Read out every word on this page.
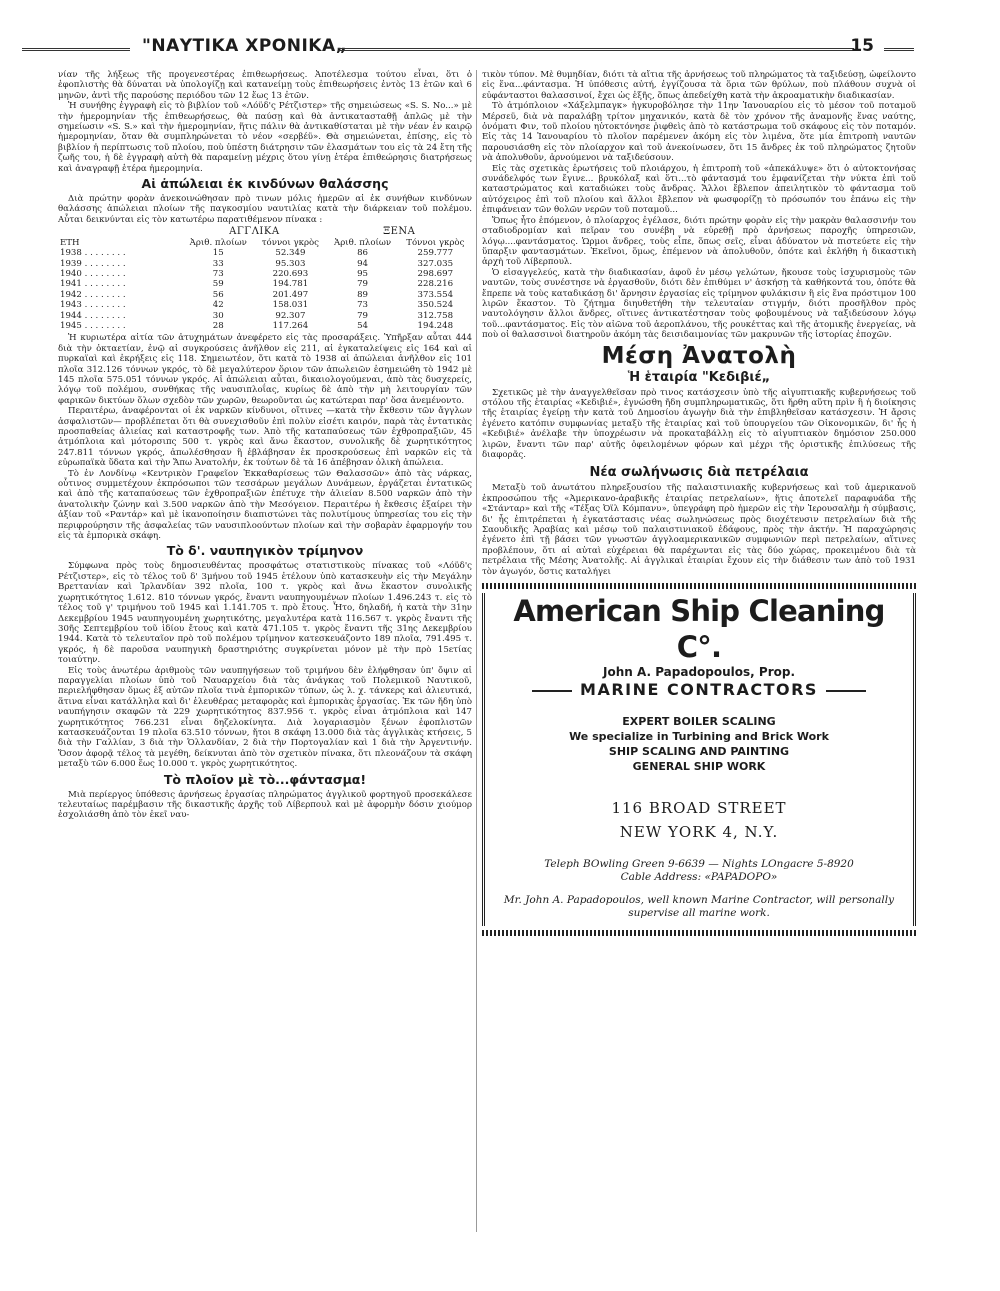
"ΝΑΥΤΙΚΑ ΧΡΟΝΙΚΑ„	15

νίαν τῆς λήξεως τῆς προγενεστέρας ἐπιθεωρήσεως. Ἀποτέλεσμα τούτου εἶναι, ὅτι ὁ ἐφοπλιστὴς θὰ δύναται νὰ ὑπολογίζῃ καὶ κατανείμῃ τοὺς ἐπιθεωρήσεις ἐντὸς 13 ἐτῶν καὶ 6 μηνῶν, ἀντὶ τῆς παρούσης περιόδου τῶν 12 ἕως 13 ἐτῶν.

Ἡ συνήθης ἐγγραφὴ εἰς τὸ βιβλίον τοῦ «Λόϋδ'ς Ρέτζιστερ» τῆς σημειώσεως «S. S. No...» μὲ τὴν ἡμερομηνίαν τῆς ἐπιθεωρήσεως, θὰ παύσῃ καὶ θὰ ἀντικατασταθῇ ἁπλῶς μὲ τὴν σημείωσιν «S. S.» καὶ τὴν ἡμερομηνίαν, ἥτις πάλιν θὰ ἀντικαθίσταται μὲ τὴν νέαν ἐν καιρῷ ἡμερομηνίαν, ὅταν θὰ συμπληρώνεται τὸ νέον «σερβέϋ». Θὰ σημειώνεται, ἐπίσης, εἰς τὸ βιβλίον ἡ περίπτωσις τοῦ πλοίου, ποὺ ὑπέστη διάτρησιν τῶν ἐλασμάτων του εἰς τὰ 24 ἔτη τῆς ζωῆς του, ἡ δὲ ἐγγραφὴ αὐτὴ θὰ παραμείνῃ μέχρις ὅτου γίνῃ ἑτέρα ἐπιθεώρησις διατρήσεως καὶ ἀναγραφῇ ἑτέρα ἡμερομηνία.

Αἱ ἀπώλειαι ἐκ κινδύνων θαλάσσης

Διὰ πρώτην φορὰν ἀνεκοινώθησαν πρὸ τινων μόλις ἡμερῶν αἱ ἐκ συνήθων κινδύνων θαλάσσης ἀπώλειαι πλοίων τῆς παγκοσμίου ναυτιλίας κατὰ τὴν διάρκειαν τοῦ πολέμου. Αὗται δεικνύνται εἰς τὸν κατωτέρω παρατιθέμενον πίνακα :

	ΑΓΓΛΙΚΑ		ΞΕΝΑ	
ΕΤΗ	Ἀριθ. πλοίων	τόννοι γκρὸς	Ἀριθ. πλοίων	Τόννοι γκρὸς
1938 . . . . . . . .	15	52.349	86	259.777
1939 . . . . . . . .	33	95.303	94	327.035
1940 . . . . . . . .	73	220.693	95	298.697
1941 . . . . . . . .	59	194.781	79	228.216
1942 . . . . . . . .	56	201.497	89	373.554
1943 . . . . . . . .	42	158.031	73	350.524
1944 . . . . . . . .	30	92.307	79	312.758
1945 . . . . . . . .	28	117.264	54	194.248

Ἡ κυριωτέρα αἰτία τῶν ἀτυχημάτων ἀνεφέρετο εἰς τὰς προσαράξεις. Ὑπῆρξαν αὗται 444 διὰ τὴν ὀκταετίαν, ἐνῷ αἱ συγκρούσεις ἀνῆλθον εἰς 211, αἱ ἐγκαταλείψεις εἰς 164 καὶ αἱ πυρκαϊαὶ καὶ ἐκρήξεις εἰς 118. Σημειωτέον, ὅτι κατὰ τὸ 1938 αἱ ἀπώλειαι ἀνῆλθον εἰς 101 πλοῖα 312.126 τόννων γκρός, τὸ δὲ μεγαλύτερον ὅριον τῶν ἀπωλειῶν ἐσημειώθη τὸ 1942 μὲ 145 πλοῖα 575.051 τόννων γκρός. Αἱ ἀπώλειαι αὗται, δικαιολογούμεναι, ἀπὸ τὰς δυσχερείς, λόγῳ τοῦ πολέμου, συνθήκας τῆς ναυσιπλοΐας, κυρίως δὲ ἀπὸ τὴν μὴ λειτουργίαν τῶν φαρικῶν δικτύων ὅλων σχεδὸν τῶν χωρῶν, θεωροῦνται ὡς κατώτεραι παρ' ὅσα ἀνεμένοντο.

Περαιτέρω, ἀναφέρονται οἱ ἐκ ναρκῶν κίνδυνοι, οἵτινες —κατὰ τὴν ἔκθεσιν τῶν ἄγγλων ἀσφαλιστῶν— προβλέπεται ὅτι θὰ συνεχισθοῦν ἐπὶ πολὺν εἰσέτι καιρόν, παρὰ τὰς ἐντατικὰς προσπαθείας ἁλιείας καὶ καταστροφῆς των. Ἀπὸ τῆς καταπαύσεως τῶν ἐχθροπραξιῶν, 45 ἀτμόπλοια καὶ μότορσιπς 500 τ. γκρὸς καὶ ἄνω ἕκαστον, συνολικῆς δὲ χωρητικότητος 247.811 τόννων γκρός, ἀπωλέσθησαν ἢ ἐβλάβησαν ἐκ προσκρούσεως ἐπὶ ναρκῶν εἰς τὰ εὐρωπαϊκὰ ὕδατα καὶ τὴν Ἄπω Ἀνατολήν, ἐκ τούτων δὲ τὰ 16 ἀπέβησαν ὁλικὴ ἀπώλεια.

Τὸ ἐν Λονδίνῳ «Κεντρικὸν Γραφεῖον Ἐκκαθαρίσεως τῶν Θαλασσῶν» ἀπὸ τὰς νάρκας, οὗτινος συμμετέχουν ἐκπρόσωποι τῶν τεσσάρων μεγάλων Δυνάμεων, ἐργάζεται ἐντατικῶς καὶ ἀπὸ τῆς καταπαύσεως τῶν ἐχθροπραξιῶν ἐπέτυχε τὴν ἁλιείαν 8.500 ναρκῶν ἀπὸ τὴν ἀνατολικὴν ζώνην καὶ 3.500 ναρκῶν ἀπὸ τὴν Μεσόγειον. Περαιτέρω ἡ ἔκθεσις ἐξαίρει τὴν ἀξίαν τοῦ «Ραντάρ» καὶ μὲ ἱκανοποίησιν διαπιστώνει τὰς πολυτίμους ὑπηρεσίας του εἰς τὴν περιφρούρησιν τῆς ἀσφαλείας τῶν ναυσιπλοούντων πλοίων καὶ τὴν σοβαρὰν ἐφαρμογήν του εἰς τὰ ἐμπορικὰ σκάφη.

Τὸ δ'. ναυπηγικὸν τρίμηνον

Σύμφωνα πρὸς τοὺς δημοσιευθέντας προσφάτως στατιστικοὺς πίνακας τοῦ «Λόϋδ'ς Ρέτζιστερ», εἰς τὸ τέλος τοῦ δ' 3μήνου τοῦ 1945 ἐτέλουν ὑπὸ κατασκευὴν εἰς τὴν Μεγάλην Βρεττανίαν καὶ Ἰρλανδίαν 392 πλοῖα, 100 τ. γκρὸς καὶ ἄνω ἕκαστον συνολικῆς χωρητικότητος 1.612. 810 τόννων γκρός, ἔναντι ναυπηγουμένων πλοίων 1.496.243 τ. εἰς τὸ τέλος τοῦ γ' τριμήνου τοῦ 1945 καὶ 1.141.705 τ. πρὸ ἔτους. Ἦτο, δηλαδή, ἡ κατὰ τὴν 31ην Δεκεμβρίου 1945 ναυπηγουμένη χωρητικότης, μεγαλυτέρα κατὰ 116.567 τ. γκρὸς ἔναντι τῆς 30ῆς Σεπτεμβρίου τοῦ ἰδίου ἔτους καὶ κατὰ 471.105 τ. γκρὸς ἔναντι τῆς 31ης Δεκεμβρίου 1944. Κατὰ τὸ τελευταῖον πρὸ τοῦ πολέμου τρίμηνον κατεσκευάζοντο 189 πλοῖα, 791.495 τ. γκρός, ἡ δὲ παροῦσα ναυπηγικὴ δραστηριότης συγκρίνεται μόνον μὲ τὴν πρὸ 15ετίας τοιαύτην.

Εἰς τοὺς ἀνωτέρω ἀριθμοὺς τῶν ναυπηγήσεων τοῦ τριμήνου δὲν ἐλήφθησαν ὑπ' ὄψιν αἱ παραγγελίαι πλοίων ὑπὸ τοῦ Ναυαρχείου διὰ τὰς ἀνάγκας τοῦ Πολεμικοῦ Ναυτικοῦ, περιελήφθησαν ὅμως ἐξ αὐτῶν πλοῖα τινὰ ἐμπορικῶν τύπων, ὡς λ. χ. τάνκερς καὶ ἁλιευτικά, ἅτινα εἶναι κατάλληλα καὶ δι' ἐλευθέρας μεταφορὰς καὶ ἐμπορικὰς ἐργασίας. Ἐκ τῶν ἤδη ὑπὸ ναυπήγησιν σκαφῶν τὰ 229 χωρητικότητος 837.956 τ. γκρὸς εἶναι ἀτμόπλοια καὶ 147 χωρητικότητος 766.231 εἶναι δηζελοκίνητα. Διὰ λογαριασμὸν ξένων ἐφοπλιστῶν κατασκευάζονται 19 πλοῖα 63.510 τόννων, ἤτοι 8 σκάφη 13.000 διὰ τὰς ἀγγλικὰς κτήσεις, 5 διὰ τὴν Γαλλίαν, 3 διὰ τὴν Ὁλλανδίαν, 2 διὰ τὴν Πορτογαλίαν καὶ 1 διὰ τὴν Ἀργεντινήν. Ὅσον ἀφορᾷ τέλος τὰ μεγέθη, δείκνυται ἀπὸ τὸν σχετικὸν πίνακα, ὅτι πλεονάζουν τὰ σκάφη μεταξὺ τῶν 6.000 ἕως 10.000 τ. γκρὸς χωρητικότητος.

Τὸ πλοῖον μὲ τὸ...φάντασμα!

Μιὰ περίεργος ὑπόθεσις ἀρνήσεως ἐργασίας πληρώματος ἀγγλικοῦ φορτηγοῦ προσεκάλεσε τελευταίως παρέμβασιν τῆς δικαστικῆς ἀρχῆς τοῦ Λίβερπουλ καὶ μὲ ἀφορμὴν δόσιν χιούμορ ἐσχολιάσθη ἀπὸ τὸν ἐκεῖ ναυ-

τικὸν τύπον. Μὲ θυμηδίαν, διότι τὰ αἴτια τῆς ἀρνήσεως τοῦ πληρώματος τὰ ταξιδεύσῃ, ὠφείλοντο εἰς ἕνα...φάντασμα. Ἡ ὑπόθεσις αὐτή, ἐγγίζουσα τὰ ὅρια τῶν θρύλων, ποὺ πλάθουν συχνὰ οἱ εὐφάνταστοι θαλασσινοί, ἔχει ὡς ἑξῆς, ὅπως ἀπεδείχθη κατὰ τὴν ἀκροαματικὴν διαδικασίαν.

Τὸ ἀτμόπλοιον «Χάξελμπαγκ» ἠγκυροβόλησε τὴν 11ην Ἰανουαρίου εἰς τὸ μέσον τοῦ ποταμοῦ Μέρσεϋ, διὰ νὰ παραλάβῃ τρίτον μηχανικόν, κατὰ δὲ τὸν χρόνον τῆς ἀναμονῆς ἕνας ναύτης, ὀνόματι Φιν, τοῦ πλοίου ηὐτοκτόνησε ῥιφθεὶς ἀπὸ τὸ κατάστρωμα τοῦ σκάφους εἰς τὸν ποταμόν. Εἰς τὰς 14 Ἰανουαρίου τὸ πλοῖον παρέμενεν ἀκόμη εἰς τὸν λιμένα, ὅτε μία ἐπιτροπὴ ναυτῶν παρουσιάσθη εἰς τὸν πλοίαρχον καὶ τοῦ ἀνεκοίνωσεν, ὅτι 15 ἄνδρες ἐκ τοῦ πληρώματος ζητοῦν νὰ ἀπολυθοῦν, ἀρνούμενοι νὰ ταξιδεύσουν.

Εἰς τὰς σχετικὰς ἐρωτήσεις τοῦ πλοιάρχου, ἡ ἐπιτροπὴ τοῦ «ἀπεκάλυψε» ὅτι ὁ αὐτοκτονήσας συνάδελφός των ἔγινε... βρυκόλαξ καὶ ὅτι...τὸ φάντασμά του ἐμφανίζεται τὴν νύκτα ἐπὶ τοῦ καταστρώματος καὶ καταδιώκει τοὺς ἄνδρας. Ἄλλοι ἔβλεπον ἀπειλητικὸν τὸ φάντασμα τοῦ αὐτόχειρος ἐπὶ τοῦ πλοίου καὶ ἄλλοι ἔβλεπον νὰ φωσφορίζῃ τὸ πρόσωπόν του ἐπάνω εἰς τὴν ἐπιφάνειαν τῶν θολῶν νερῶν τοῦ ποταμοῦ...

Ὅπως ἦτο ἑπόμενον, ὁ πλοίαρχος ἐγέλασε, διότι πρώτην φορὰν εἰς τὴν μακρὰν θαλασσινήν του σταδιοδρομίαν καὶ πεῖραν του συνέβη νὰ εὑρεθῇ πρὸ ἀρνήσεως παροχῆς ὑπηρεσιῶν, λόγῳ....φαντάσματος. Ὡρμοι ἄνδρες, τοὺς εἶπε, ὅπως σεῖς, εἶναι ἀδύνατον νὰ πιστεύετε εἰς τὴν ὕπαρξιν φαντασμάτων. Ἐκεῖνοι, ὅμως, ἐπέμενον νὰ ἀπολυθοῦν, ὁπότε καὶ ἐκλήθη ἡ δικαστικὴ ἀρχὴ τοῦ Λίβερπουλ.

Ὁ εἰσαγγελεύς, κατὰ τὴν διαδικασίαν, ἀφοῦ ἐν μέσῳ γελώτων, ἤκουσε τοὺς ἰσχυρισμοὺς τῶν ναυτῶν, τοὺς συνέστησε νὰ ἐργασθοῦν, διότι δὲν ἐπιθύμει ν' ἀσκήσῃ τὰ καθήκοντά του, ὁπότε θὰ ἔπρεπε νὰ τοὺς καταδικάσῃ δι' ἄρνησιν ἐργασίας εἰς τρίμηνον φυλάκισιν ἢ εἰς ἕνα πρόστιμον 100 λιρῶν ἕκαστον. Τὸ ζήτημα διηυθετήθη τὴν τελευταίαν στιγμήν, διότι προσῆλθον πρὸς ναυτολόγησιν ἄλλοι ἄνδρες, οἵτινες ἀντικατέστησαν τοὺς φοβουμένους νὰ ταξιδεύσουν λόγῳ τοῦ...φαντάσματος. Εἰς τὸν αἰῶνα τοῦ ἀεροπλάνου, τῆς ρουκέττας καὶ τῆς ἀτομικῆς ἐνεργείας, νὰ ποὺ οἱ θαλασσινοὶ διατηροῦν ἀκόμη τὰς δεισιδαιμονίας τῶν μακρυνῶν τῆς ἱστορίας ἐποχῶν.

Μέση Ἀνατολὴ
Ἡ ἑταιρία "Κεδιβιέ„

Σχετικῶς μὲ τὴν ἀναγγελθεῖσαν πρὸ τινος κατάσχεσιν ὑπὸ τῆς αἰγυπτιακῆς κυβερνήσεως τοῦ στόλου τῆς ἑταιρίας «Κεδιβιέ», ἐγνώσθη ἤδη συμπληρωματικῶς, ὅτι ἤρθη αὕτη πρὶν ἢ ἡ διοίκησις τῆς ἑταιρίας ἐγείρῃ τὴν κατὰ τοῦ Δημοσίου ἀγωγὴν διὰ τὴν ἐπιβληθεῖσαν κατάσχεσιν. Ἡ ἄρσις ἐγένετο κατόπιν συμφωνίας μεταξὺ τῆς ἑταιρίας καὶ τοῦ ὑπουργείου τῶν Οἰκονομικῶν, δι' ἧς ἡ «Κεδιβιέ» ἀνέλαβε τὴν ὑποχρέωσιν νὰ προκαταβάλλῃ εἰς τὸ αἰγυπτιακὸν δημόσιον 250.000 λιρῶν, ἔναντι τῶν παρ' αὐτῆς ὀφειλομένων φόρων καὶ μέχρι τῆς ὁριστικῆς ἐπιλύσεως τῆς διαφορᾶς.

Νέα σωλήνωσις διὰ πετρέλαια

Μεταξὺ τοῦ ἀνωτάτου πληρεξουσίου τῆς παλαιστινιακῆς κυβερνήσεως καὶ τοῦ ἀμερικανοῦ ἐκπροσώπου τῆς «Ἀμερικανο-ἀραβικῆς ἑταιρίας πετρελαίων», ἥτις ἀποτελεῖ παραφυάδα τῆς «Στάνταρ» καὶ τῆς «Τέξας Ὀϊλ Κόμπανυ», ὑπεγράφη πρὸ ἡμερῶν εἰς τὴν Ἱερουσαλὴμ ἡ σύμβασις, δι' ἧς ἐπιτρέπεται ἡ ἐγκατάστασις νέας σωληνώσεως πρὸς διοχέτευσιν πετρελαίων διὰ τῆς Σαουδικῆς Ἀραβίας καὶ μέσῳ τοῦ παλαιστινιακοῦ ἐδάφους, πρὸς τὴν ἀκτήν. Ἡ παραχώρησις ἐγένετο ἐπὶ τῇ βάσει τῶν γνωστῶν ἀγγλοαμερικανικῶν συμφωνιῶν περὶ πετρελαίων, αἵτινες προβλέπουν, ὅτι αἱ αὐταὶ εὐχέρειαι θὰ παρέχωνται εἰς τὰς δύο χώρας, προκειμένου διὰ τὰ πετρέλαια τῆς Μέσης Ἀνατολῆς. Αἱ ἀγγλικαὶ ἑταιρίαι ἔχουν εἰς τὴν διάθεσιν των ἀπὸ τοῦ 1931 τὸν ἀγωγόν, ὅστις καταλήγει

American Ship Cleaning C°.
John A. Papadopoulos, Prop.
MARINE CONTRACTORS
EXPERT BOILER SCALING
We specialize in Turbining and Brick Work
SHIP SCALING AND PAINTING
GENERAL SHIP WORK
116 BROAD STREET
NEW YORK 4, N.Y.
Teleph BOwling Green 9-6639 — Nights LOngacre 5-8920
Cable Address: «PAPADOPO»
Mr. John A. Papadopoulos, well known Marine Contractor, will personally supervise all marine work.
